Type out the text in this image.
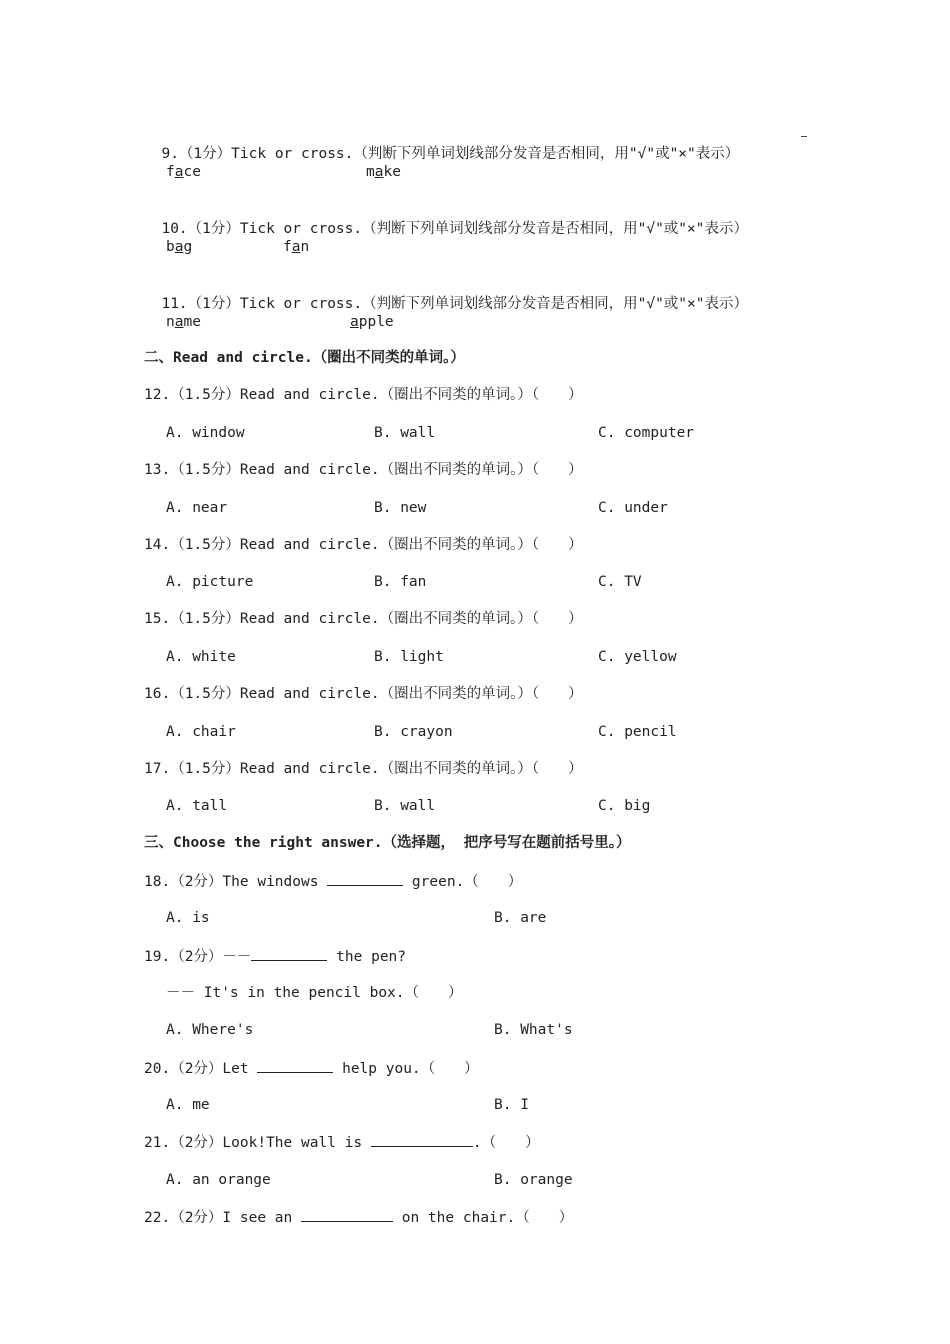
9.（1分）Tick or cross.（判断下列单词划线部分发音是否相同，用"√"或"×"表示）

face	make

10.（1分）Tick or cross.（判断下列单词划线部分发音是否相同，用"√"或"×"表示）

bag	fan

11.（1分）Tick or cross.（判断下列单词划线部分发音是否相同，用"√"或"×"表示）

name	apple
二、Read and circle.（圈出不同类的单词。）
12.（1.5分）Read and circle.（圈出不同类的单词。）（　　）
A. window	B. wall	C. computer
13.（1.5分）Read and circle.（圈出不同类的单词。）（　　）
A. near	B. new	C. under
14.（1.5分）Read and circle.（圈出不同类的单词。）（　　）
A. picture	B. fan	C. TV
15.（1.5分）Read and circle.（圈出不同类的单词。）（　　）
A. white	B. light	C. yellow
16.（1.5分）Read and circle.（圈出不同类的单词。）（　　）
A. chair	B. crayon	C. pencil
17.（1.5分）Read and circle.（圈出不同类的单词。）（　　）
A. tall	B. wall	C. big
三、Choose the right answer.（选择题， 把序号写在题前括号里。）
18.（2分）The windows	green.（　　）
A. is	B. are
19.（2分）－－	the pen?
－－ It's in the pencil box.（　　）
A. Where's	B. What's
20.（2分）Let	help you.（　　）
A. me	B. I
21.（2分）Look!The wall is	.（　　）
A. an orange	B. orange
22.（2分）I see an	on the chair.（　　）
